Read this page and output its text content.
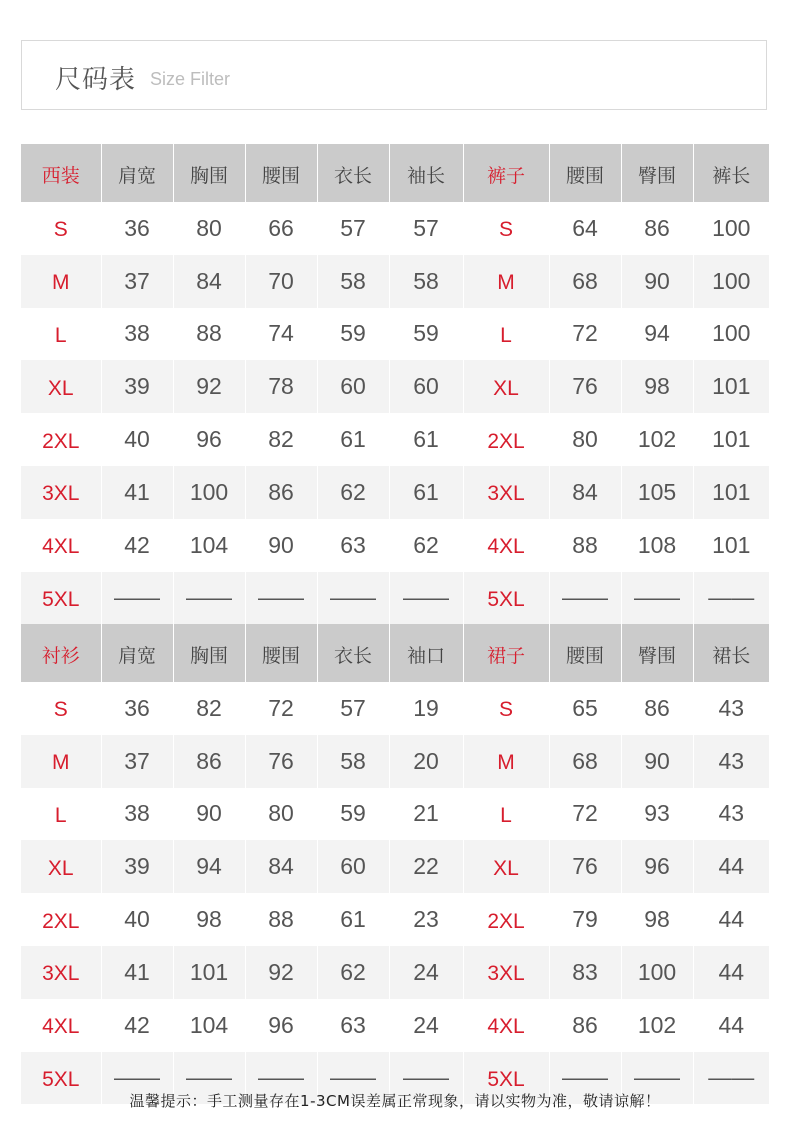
尺码表 Size Filter
西装	肩宽	胸围	腰围	衣长	袖长	裤子	腰围	臀围	裤长
S	36	80	66	57	57	S	64	86	100
M	37	84	70	58	58	M	68	90	100
L	38	88	74	59	59	L	72	94	100
XL	39	92	78	60	60	XL	76	98	101
2XL	40	96	82	61	61	2XL	80	102	101
3XL	41	100	86	62	61	3XL	84	105	101
4XL	42	104	90	63	62	4XL	88	108	101
5XL	——	——	——	——	——	5XL	——	——	——
衬衫	肩宽	胸围	腰围	衣长	袖口	裙子	腰围	臀围	裙长
S	36	82	72	57	19	S	65	86	43
M	37	86	76	58	20	M	68	90	43
L	38	90	80	59	21	L	72	93	43
XL	39	94	84	60	22	XL	76	96	44
2XL	40	98	88	61	23	2XL	79	98	44
3XL	41	101	92	62	24	3XL	83	100	44
4XL	42	104	96	63	24	4XL	86	102	44
5XL	——	——	——	——	——	5XL	——	——	——
温馨提示：手工测量存在1-3CM误差属正常现象，请以实物为准，敬请谅解！
